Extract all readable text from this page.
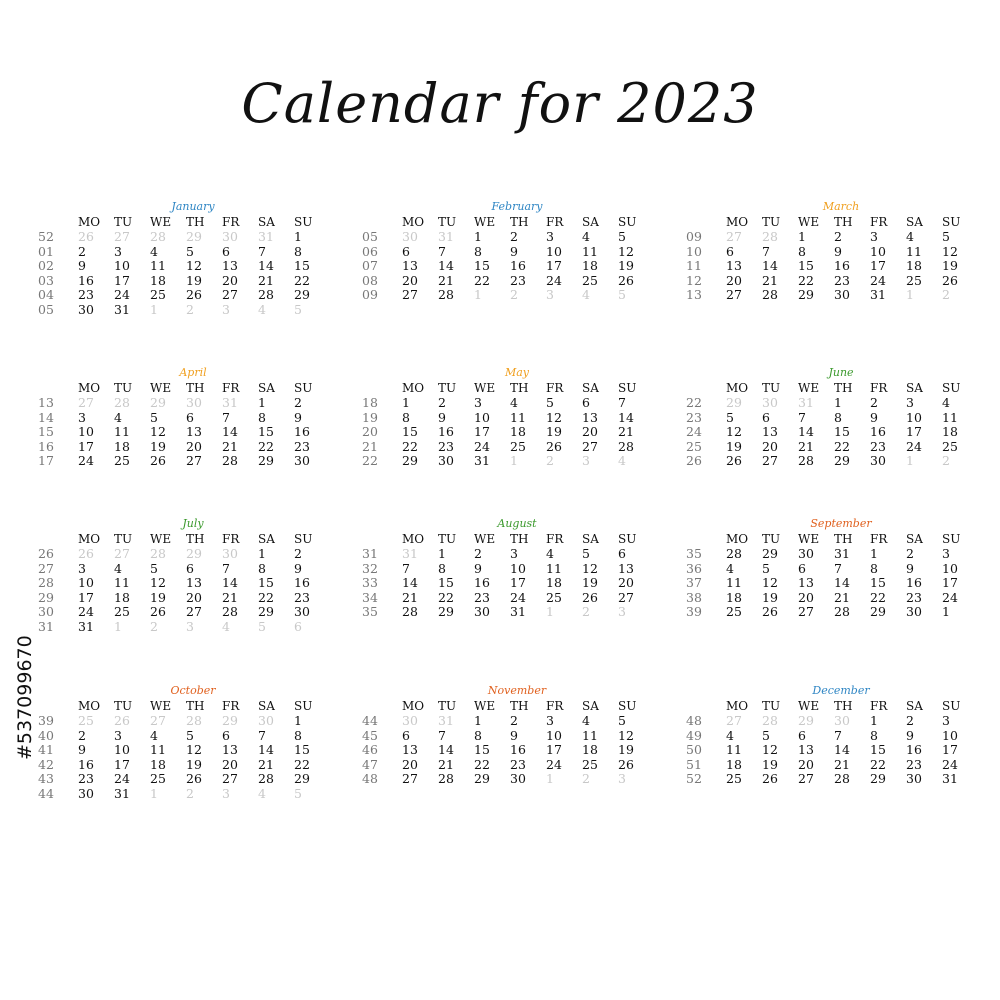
Calendar for 2023
January
MO	TU	WE	TH	FR	SA	SU
52	26	27	28	29	30	31	1
01	2	3	4	5	6	7	8
02	9	10	11	12	13	14	15
03	16	17	18	19	20	21	22
04	23	24	25	26	27	28	29
05	30	31	1	2	3	4	5
February
MO	TU	WE	TH	FR	SA	SU
05	30	31	1	2	3	4	5
06	6	7	8	9	10	11	12
07	13	14	15	16	17	18	19
08	20	21	22	23	24	25	26
09	27	28	1	2	3	4	5
March
MO	TU	WE	TH	FR	SA	SU
09	27	28	1	2	3	4	5
10	6	7	8	9	10	11	12
11	13	14	15	16	17	18	19
12	20	21	22	23	24	25	26
13	27	28	29	30	31	1	2
April
MO	TU	WE	TH	FR	SA	SU
13	27	28	29	30	31	1	2
14	3	4	5	6	7	8	9
15	10	11	12	13	14	15	16
16	17	18	19	20	21	22	23
17	24	25	26	27	28	29	30
May
MO	TU	WE	TH	FR	SA	SU
18	1	2	3	4	5	6	7
19	8	9	10	11	12	13	14
20	15	16	17	18	19	20	21
21	22	23	24	25	26	27	28
22	29	30	31	1	2	3	4
June
MO	TU	WE	TH	FR	SA	SU
22	29	30	31	1	2	3	4
23	5	6	7	8	9	10	11
24	12	13	14	15	16	17	18
25	19	20	21	22	23	24	25
26	26	27	28	29	30	1	2
July
MO	TU	WE	TH	FR	SA	SU
26	26	27	28	29	30	1	2
27	3	4	5	6	7	8	9
28	10	11	12	13	14	15	16
29	17	18	19	20	21	22	23
30	24	25	26	27	28	29	30
31	31	1	2	3	4	5	6
August
MO	TU	WE	TH	FR	SA	SU
31	31	1	2	3	4	5	6
32	7	8	9	10	11	12	13
33	14	15	16	17	18	19	20
34	21	22	23	24	25	26	27
35	28	29	30	31	1	2	3
September
MO	TU	WE	TH	FR	SA	SU
35	28	29	30	31	1	2	3
36	4	5	6	7	8	9	10
37	11	12	13	14	15	16	17
38	18	19	20	21	22	23	24
39	25	26	27	28	29	30	1
October
MO	TU	WE	TH	FR	SA	SU
39	25	26	27	28	29	30	1
40	2	3	4	5	6	7	8
41	9	10	11	12	13	14	15
42	16	17	18	19	20	21	22
43	23	24	25	26	27	28	29
44	30	31	1	2	3	4	5
November
MO	TU	WE	TH	FR	SA	SU
44	30	31	1	2	3	4	5
45	6	7	8	9	10	11	12
46	13	14	15	16	17	18	19
47	20	21	22	23	24	25	26
48	27	28	29	30	1	2	3
December
MO	TU	WE	TH	FR	SA	SU
48	27	28	29	30	1	2	3
49	4	5	6	7	8	9	10
50	11	12	13	14	15	16	17
51	18	19	20	21	22	23	24
52	25	26	27	28	29	30	31
#537099670
